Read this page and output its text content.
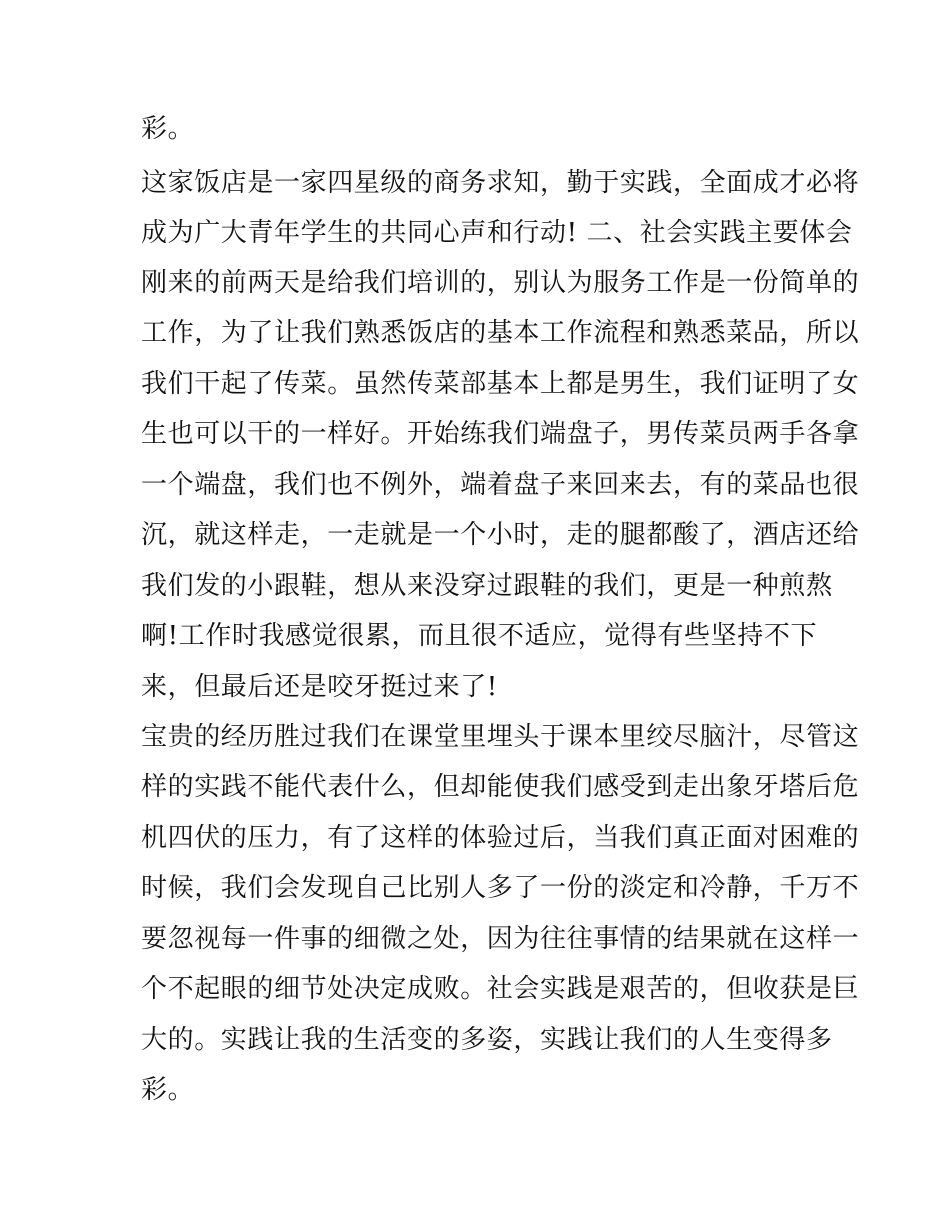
彩。
这家饭店是一家四星级的商务求知，勤于实践，全面成才必将
成为广大青年学生的共同心声和行动! 二、社会实践主要体会
刚来的前两天是给我们培训的，别认为服务工作是一份简单的
工作，为了让我们熟悉饭店的基本工作流程和熟悉菜品，所以
我们干起了传菜。虽然传菜部基本上都是男生，我们证明了女
生也可以干的一样好。开始练我们端盘子，男传菜员两手各拿
一个端盘，我们也不例外，端着盘子来回来去，有的菜品也很
沉，就这样走，一走就是一个小时，走的腿都酸了，酒店还给
我们发的小跟鞋，想从来没穿过跟鞋的我们，更是一种煎熬
啊!工作时我感觉很累，而且很不适应，觉得有些坚持不下
来，但最后还是咬牙挺过来了!
宝贵的经历胜过我们在课堂里埋头于课本里绞尽脑汁，尽管这
样的实践不能代表什么，但却能使我们感受到走出象牙塔后危
机四伏的压力，有了这样的体验过后，当我们真正面对困难的
时候，我们会发现自己比别人多了一份的淡定和冷静，千万不
要忽视每一件事的细微之处，因为往往事情的结果就在这样一
个不起眼的细节处决定成败。社会实践是艰苦的，但收获是巨
大的。实践让我的生活变的多姿，实践让我们的人生变得多
彩。
